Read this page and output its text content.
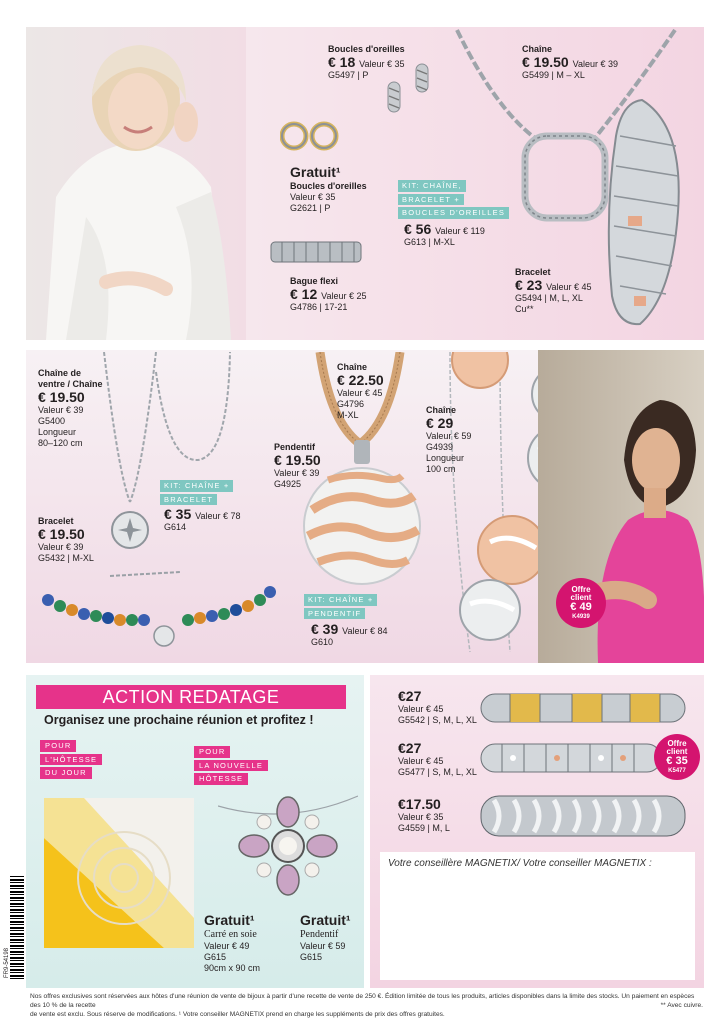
Boucles d'oreilles
€ 18 Valeur € 35
G5497 | P
Chaîne
€ 19.50 Valeur € 39
G5499 | M – XL
Gratuit¹
Boucles d'oreilles
Valeur € 35
G2621 | P
KIT: CHAÎNE,
BRACELET +
BOUCLES D'OREILLES
€ 56 Valeur € 119
G613 | M-XL
Bague flexi
€ 12 Valeur € 25
G4786 | 17-21
Bracelet
€ 23 Valeur € 45
G5494 | M, L, XL
Cu**
Chaîne de
ventre / Chaîne
€ 19.50
Valeur € 39
G5400
Longueur
80–120 cm
KIT: CHAÎNE +
BRACELET
€ 35 Valeur € 78
G614
Bracelet
€ 19.50
Valeur € 39
G5432 | M-XL
Chaîne
€ 22.50
Valeur € 45
G4796
M-XL
Pendentif
€ 19.50
Valeur € 39
G4925
Chaîne
€ 29
Valeur € 59
G4939
Longueur
100 cm
Offre
client
€ 49
K4939
KIT: CHAÎNE +
PENDENTIF
€ 39 Valeur € 84
G610
ACTION REDATAGE
Organisez une prochaine réunion et profitez !
POUR
L'HÔTESSE
DU JOUR
POUR
LA NOUVELLE
HÔTESSE
Gratuit¹
Carré en soie
Valeur € 49
G615
90cm x 90 cm
Gratuit¹
Pendentif
Valeur € 59
G615
€27
Valeur € 45
G5542 | S, M, L, XL
€27
Valeur € 45
G5477 | S, M, L, XL
Offre
client
€ 35
K5477
€17.50
Valeur € 35
G4559 | M, L
Votre conseillère MAGNETIX/ Votre conseiller MAGNETIX :
FR9-54198
Nos offres exclusives sont réservées aux hôtes d'une réunion de vente de bijoux à partir d'une recette de vente de 250 €. Édition limitée de tous les produits, articles disponibles dans la limite des stocks. Un paiement en espèces des 10 % de la recette
de vente est exclu. Sous réserve de modifications. ¹ Votre conseiller MAGNETIX prend en charge les suppléments de prix des offres gratuites.
** Avec cuivre.
